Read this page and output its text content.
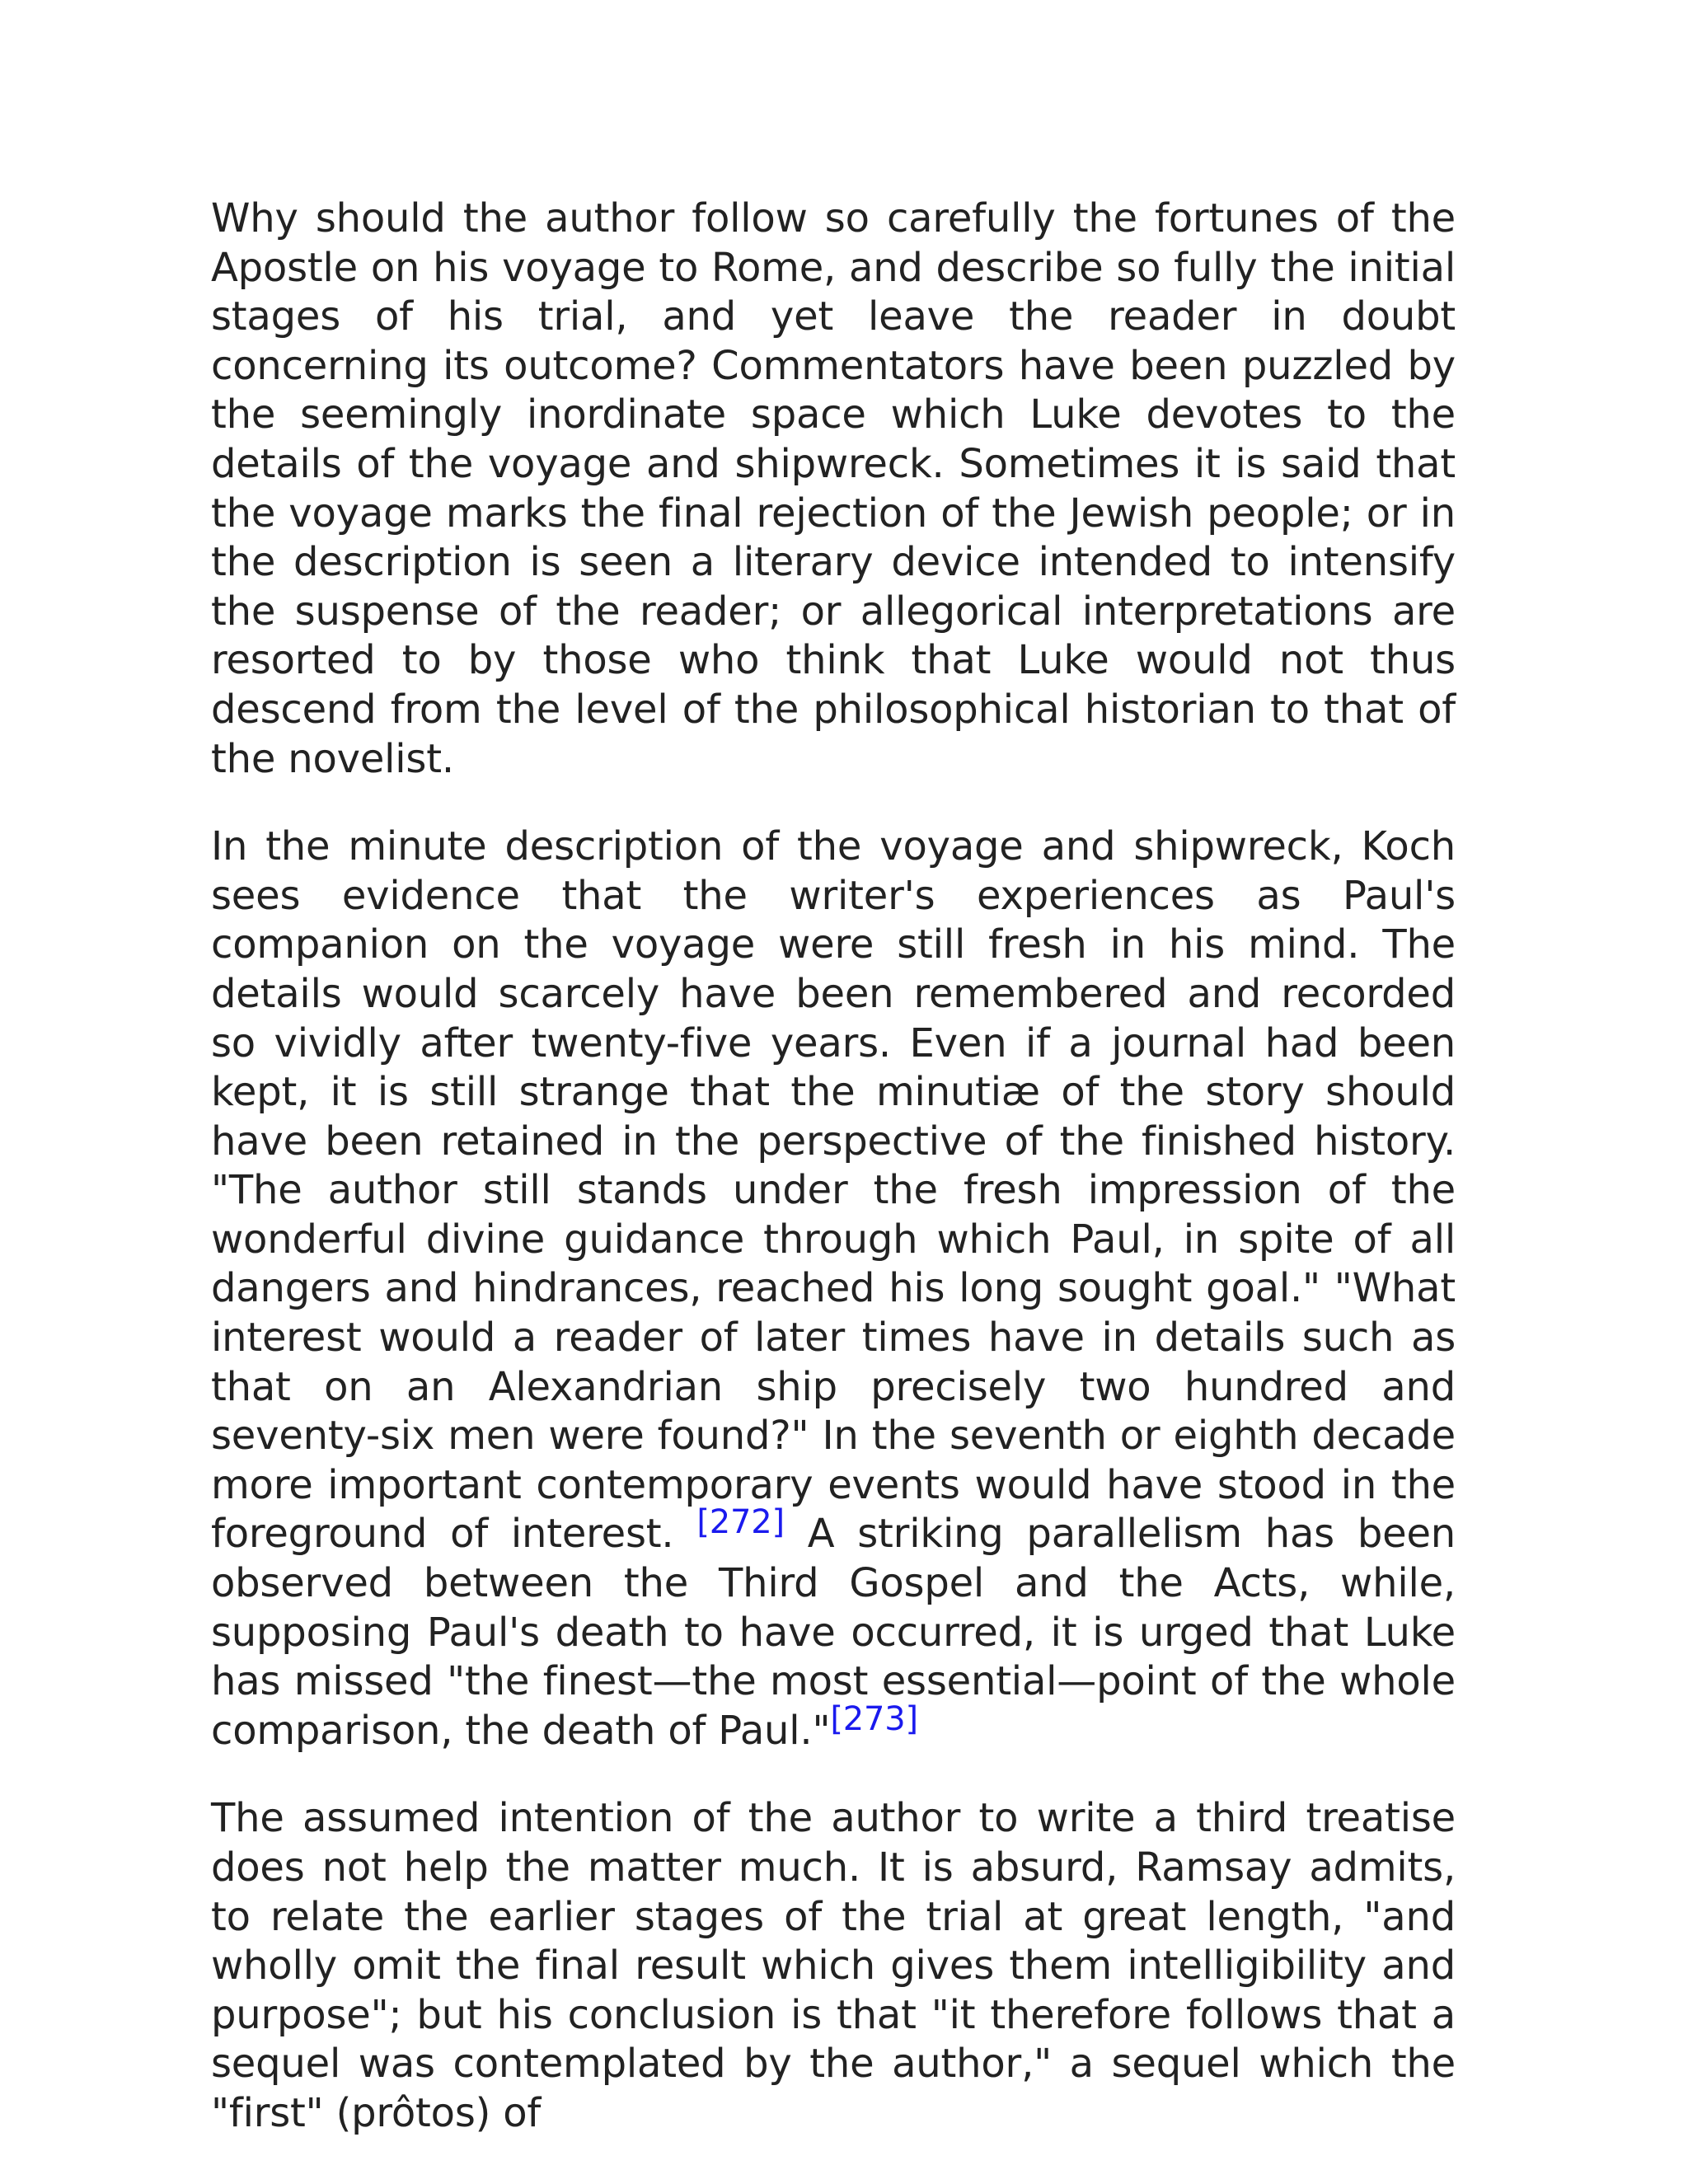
Why should the author follow so carefully the fortunes of the Apostle on his voyage to Rome, and describe so fully the initial stages of his trial, and yet leave the reader in doubt concerning its outcome? Commentators have been puzzled by the seemingly inordinate space which Luke devotes to the details of the voyage and shipwreck. Sometimes it is said that the voyage marks the final rejection of the Jewish people; or in the description is seen a literary device intended to intensify the suspense of the reader; or allegorical interpretations are resorted to by those who think that Luke would not thus descend from the level of the philosophical historian to that of the novelist.

In the minute description of the voyage and shipwreck, Koch sees evidence that the writer's experiences as Paul's companion on the voyage were still fresh in his mind. The details would scarcely have been remembered and recorded so vividly after twenty-five years. Even if a journal had been kept, it is still strange that the minutiæ of the story should have been retained in the perspective of the finished history. "The author still stands under the fresh impression of the wonderful divine guidance through which Paul, in spite of all dangers and hindrances, reached his long sought goal." "What interest would a reader of later times have in details such as that on an Alexandrian ship precisely two hundred and seventy-six men were found?" In the seventh or eighth decade more important contemporary events would have stood in the foreground of interest. [272] A striking parallelism has been observed between the Third Gospel and the Acts, while, supposing Paul's death to have occurred, it is urged that Luke has missed "the finest—the most essential—point of the whole comparison, the death of Paul."[273]

The assumed intention of the author to write a third treatise does not help the matter much. It is absurd, Ramsay admits, to relate the earlier stages of the trial at great length, "and wholly omit the final result which gives them intelligibility and purpose"; but his conclusion is that "it therefore follows that a sequel was contemplated by the author," a sequel which the "first" (prôtos) of
